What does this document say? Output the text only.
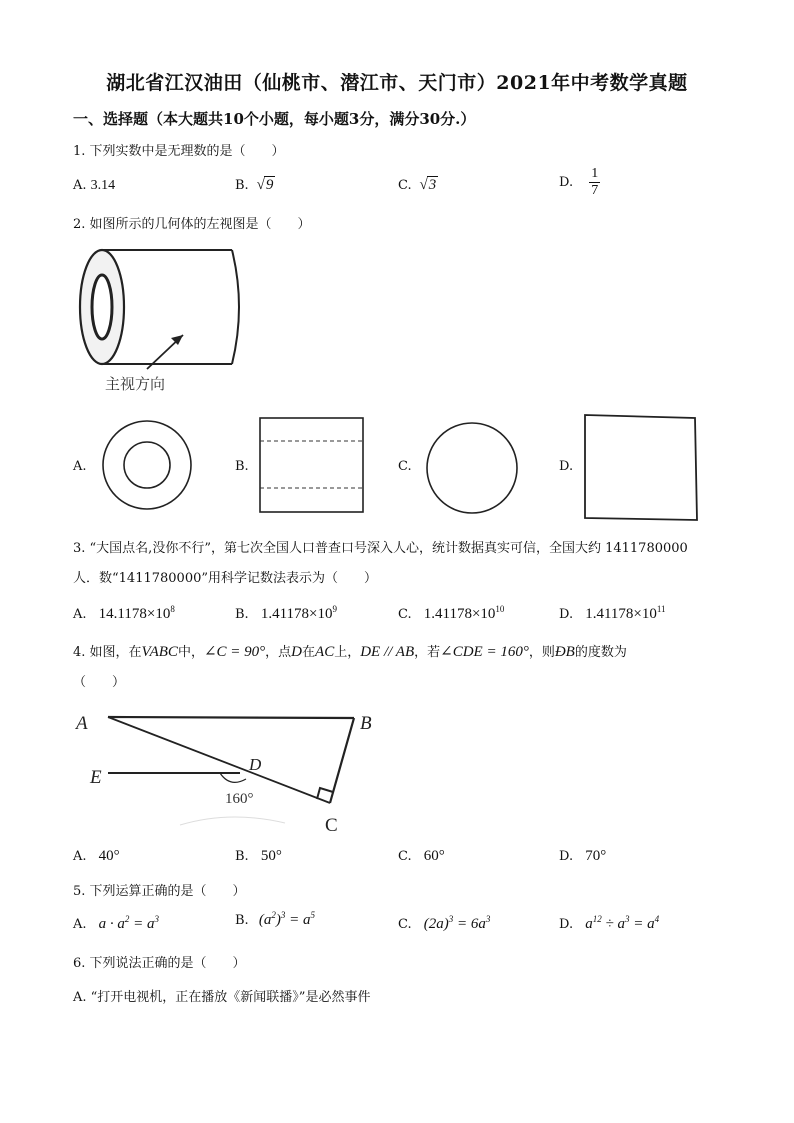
湖北省江汉油田（仙桃市、潜江市、天门市）2021年中考数学真题
一、选择题（本大题共10个小题，每小题3分，满分30分.）
1. 下列实数中是无理数的是（　　）
A. 3.14	B.  √9	C.  √3	D. $\frac{1}{7}$
2. 如图所示的几何体的左视图是（　　）
主视方向
A.	B.	C.	D.
3. “大国点名,没你不行”，第七次全国人口普查口号深入人心，统计数据真实可信，全国大约 1411780000
人．数“1411780000”用科学记数法表示为（　　）
A. $14.1178\times 10^8$	B. $1.41178\times 10^9$	C. $1.41178\times 10^{10}$	D. $1.41178\times 10^{11}$
4. 如图，在VABC中，∠C = 90°，点D在AC上，DE // AB，若∠CDE = 160°，则ÐB的度数为
（　　）
A	B
E
D
C
160°
A. 40°	B. 50°	C. 60°	D. 70°
5. 下列运算正确的是（　　）
A. $a \cdot a^2 = a^3$	B. $(a^2)^3 = a^5$
C. $(2a)^3 = 6a^3$	D. $a^{12} \div a^3 = a^4$
6. 下列说法正确的是（　　）
A. “打开电视机，正在播放《新闻联播》”是必然事件
